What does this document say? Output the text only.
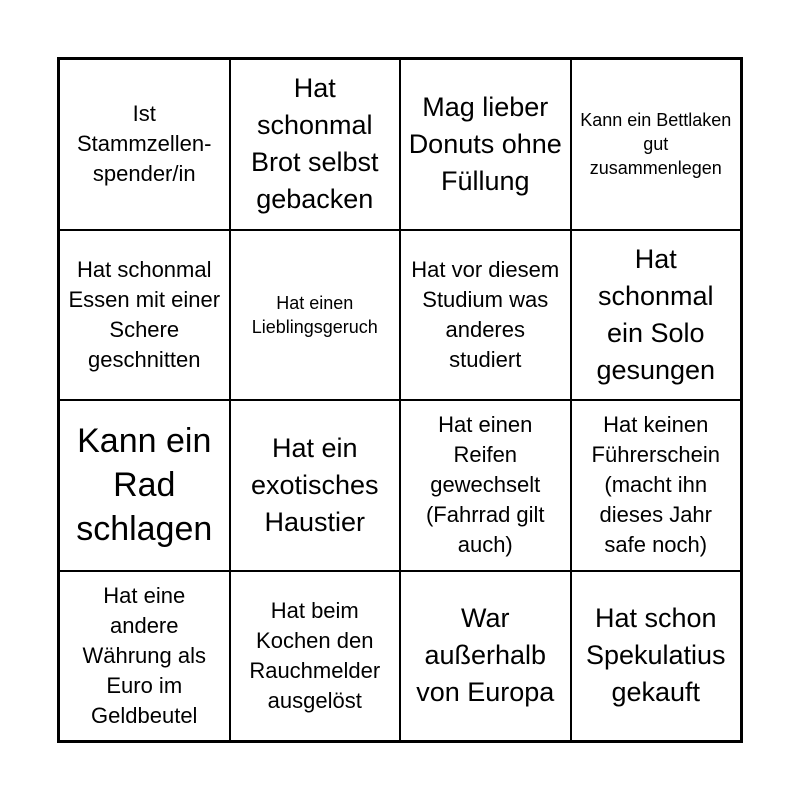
Ist Stammzellen-spender/in
Hat schonmal Brot selbst gebacken
Mag lieber Donuts ohne Füllung
Kann ein Bettlaken gut zusammenlegen
Hat schonmal Essen mit einer Schere geschnitten
Hat einen Lieblingsgeruch
Hat vor diesem Studium was anderes studiert
Hat schonmal ein Solo gesungen
Kann ein Rad schlagen
Hat ein exotisches Haustier
Hat einen Reifen gewechselt (Fahrrad gilt auch)
Hat keinen Führerschein (macht ihn dieses Jahr safe noch)
Hat eine andere Währung als Euro im Geldbeutel
Hat beim Kochen den Rauchmelder ausgelöst
War außerhalb von Europa
Hat schon Spekulatius gekauft
